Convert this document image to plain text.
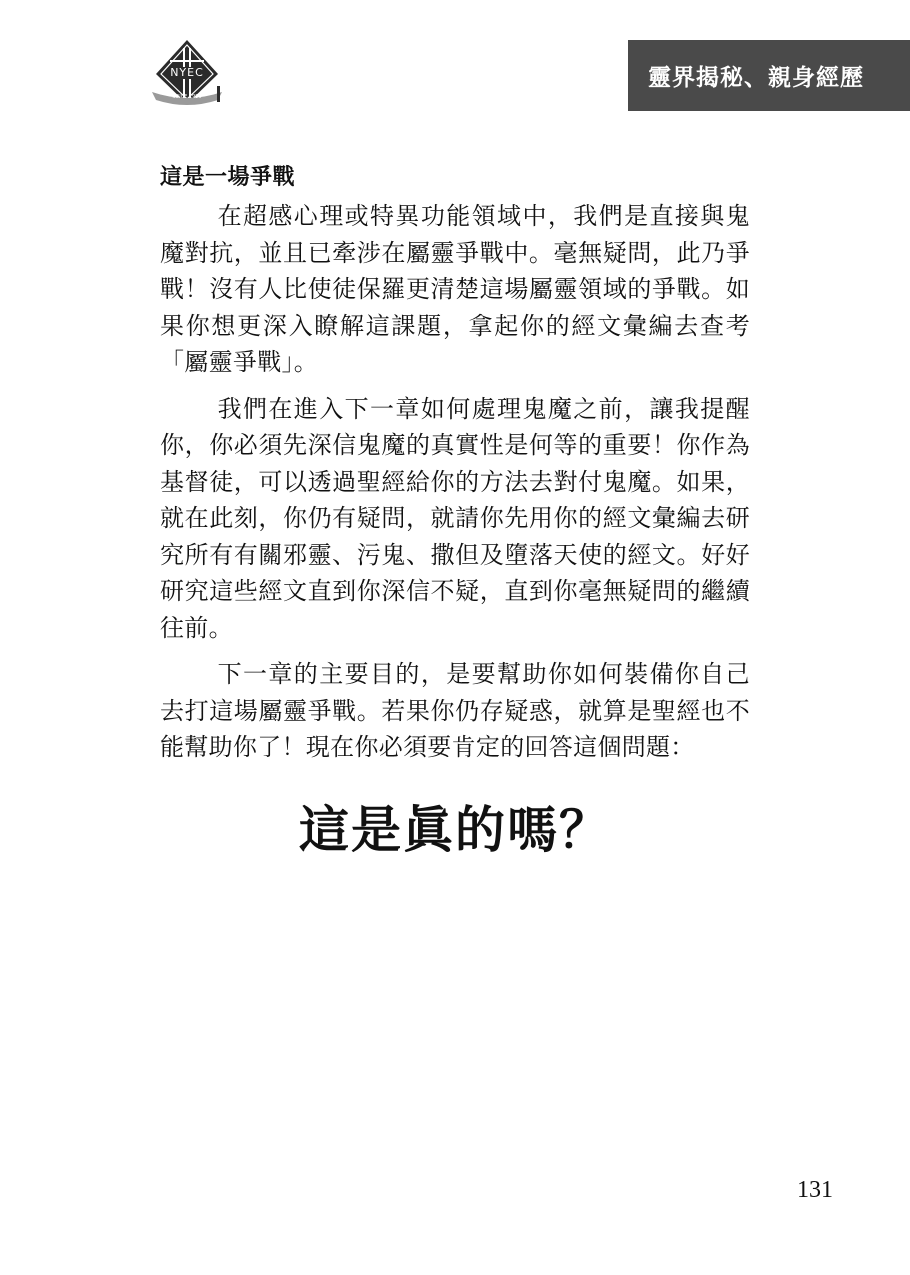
NYEC
SINCE 1999
靈界揭秘、親身經歷
這是一場爭戰

在超感心理或特異功能領域中，我們是直接與鬼魔對抗，並且已牽涉在屬靈爭戰中。毫無疑問，此乃爭戰！沒有人比使徒保羅更清楚這場屬靈領域的爭戰。如果你想更深入瞭解這課題，拿起你的經文彙編去查考「屬靈爭戰」。

我們在進入下一章如何處理鬼魔之前，讓我提醒你，你必須先深信鬼魔的真實性是何等的重要！你作為基督徒，可以透過聖經給你的方法去對付鬼魔。如果，就在此刻，你仍有疑問，就請你先用你的經文彙編去研究所有有關邪靈、污鬼、撒但及墮落天使的經文。好好研究這些經文直到你深信不疑，直到你毫無疑問的繼續往前。

下一章的主要目的，是要幫助你如何裝備你自己去打這場屬靈爭戰。若果你仍存疑惑，就算是聖經也不能幫助你了！現在你必須要肯定的回答這個問題：

這是眞的嗎？
131
